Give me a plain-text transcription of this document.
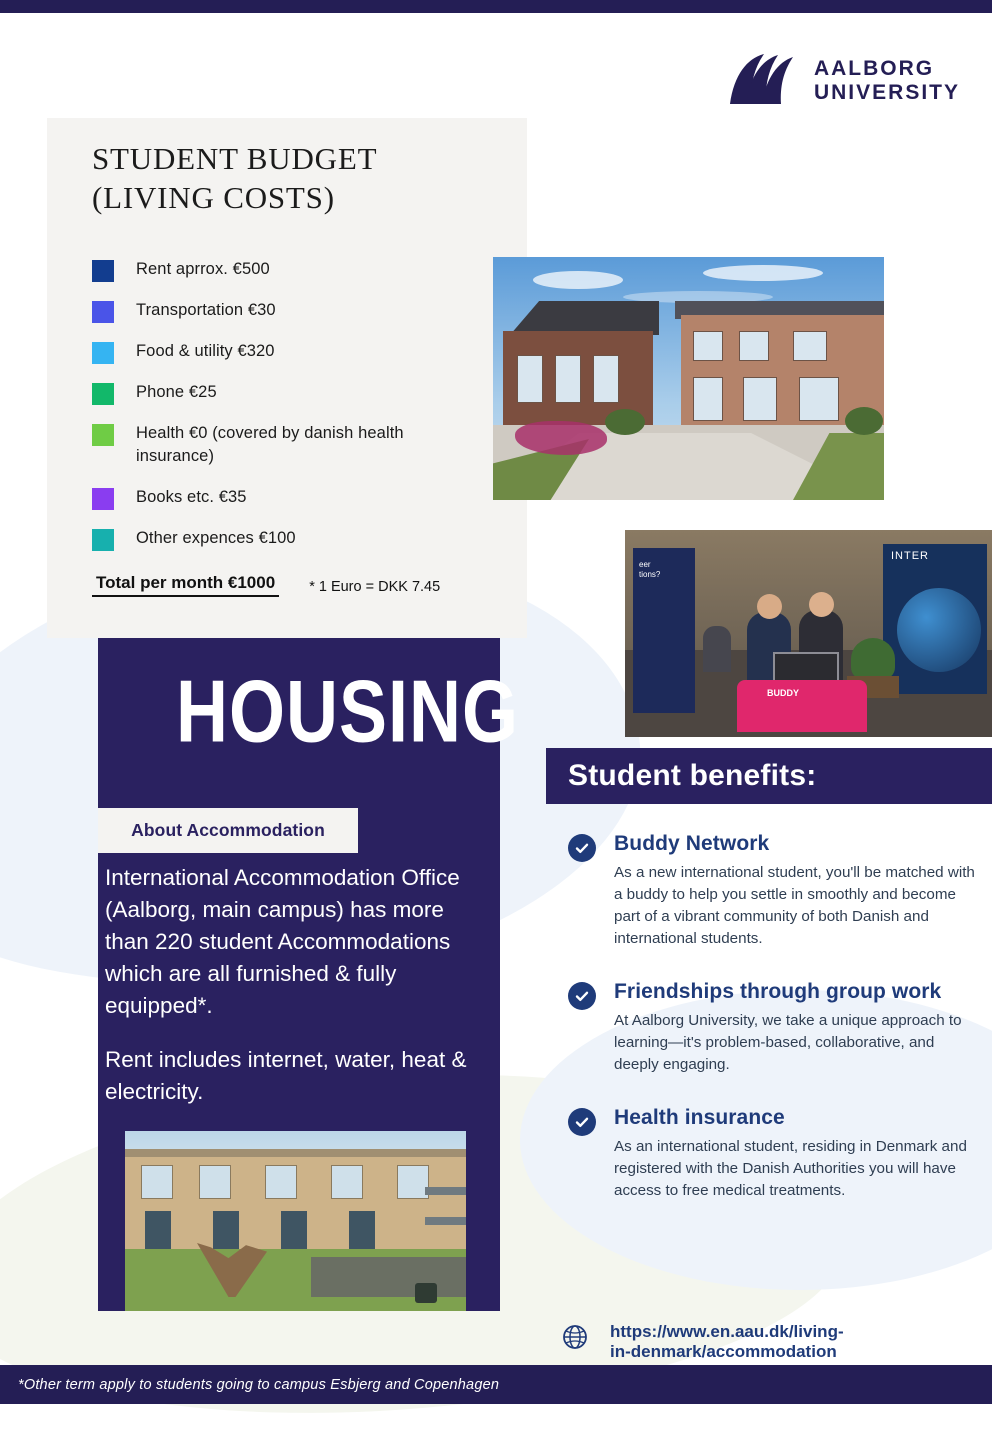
AALBORG
UNIVERSITY
STUDENT BUDGET
(LIVING COSTS)
Rent aprrox. €500
Transportation €30
Food & utility €320
Phone €25
Health €0 (covered by danish health insurance)
Books etc. €35
Other expences €100
Total per month €1000 * 1 Euro = DKK 7.45
eer
tions?
INTER
BUDDY
HOUSING
About Accommodation

International Accommodation Office (Aalborg, main campus) has more than 220 student Accommodations which are all furnished & fully equipped*.

Rent includes internet, water, heat & electricity.

Student benefits:
Buddy Network

As a new international student, you'll be matched with a buddy to help you settle in smoothly and become part of a vibrant community of both Danish and international students.

Friendships through group work

At Aalborg University, we take a unique approach to learning—it's problem-based, collaborative, and deeply engaging.

Health insurance

As an international student, residing in Denmark and registered with the Danish Authorities you will have access to free medical treatments.

https://www.en.aau.dk/living-
in-denmark/accommodation
*Other term apply to students going to campus Esbjerg and Copenhagen
